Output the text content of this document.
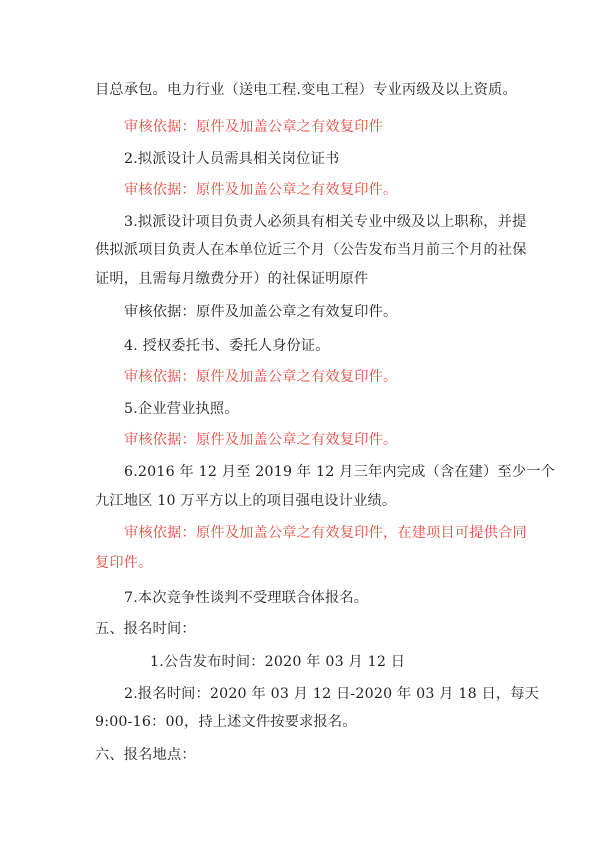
目总承包。电力行业（送电工程.变电工程）专业丙级及以上资质。
审核依据：原件及加盖公章之有效复印件
2.拟派设计人员需具相关岗位证书
审核依据：原件及加盖公章之有效复印件。
3.拟派设计项目负责人必须具有相关专业中级及以上职称，并提
供拟派项目负责人在本单位近三个月（公告发布当月前三个月的社保
证明，且需每月缴费分开）的社保证明原件
审核依据：原件及加盖公章之有效复印件。
4. 授权委托书、委托人身份证。
审核依据：原件及加盖公章之有效复印件。
5.企业营业执照。
审核依据：原件及加盖公章之有效复印件。
6.2016 年 12 月至 2019 年 12 月三年内完成（含在建）至少一个
九江地区 10 万平方以上的项目强电设计业绩。
审核依据：原件及加盖公章之有效复印件，在建项目可提供合同
复印件。
7.本次竞争性谈判不受理联合体报名。
五、报名时间：
1.公告发布时间：2020 年 03 月 12 日
2.报名时间：2020 年 03 月 12 日-2020 年 03 月 18 日，每天
9:00-16：00，持上述文件按要求报名。
六、报名地点：
